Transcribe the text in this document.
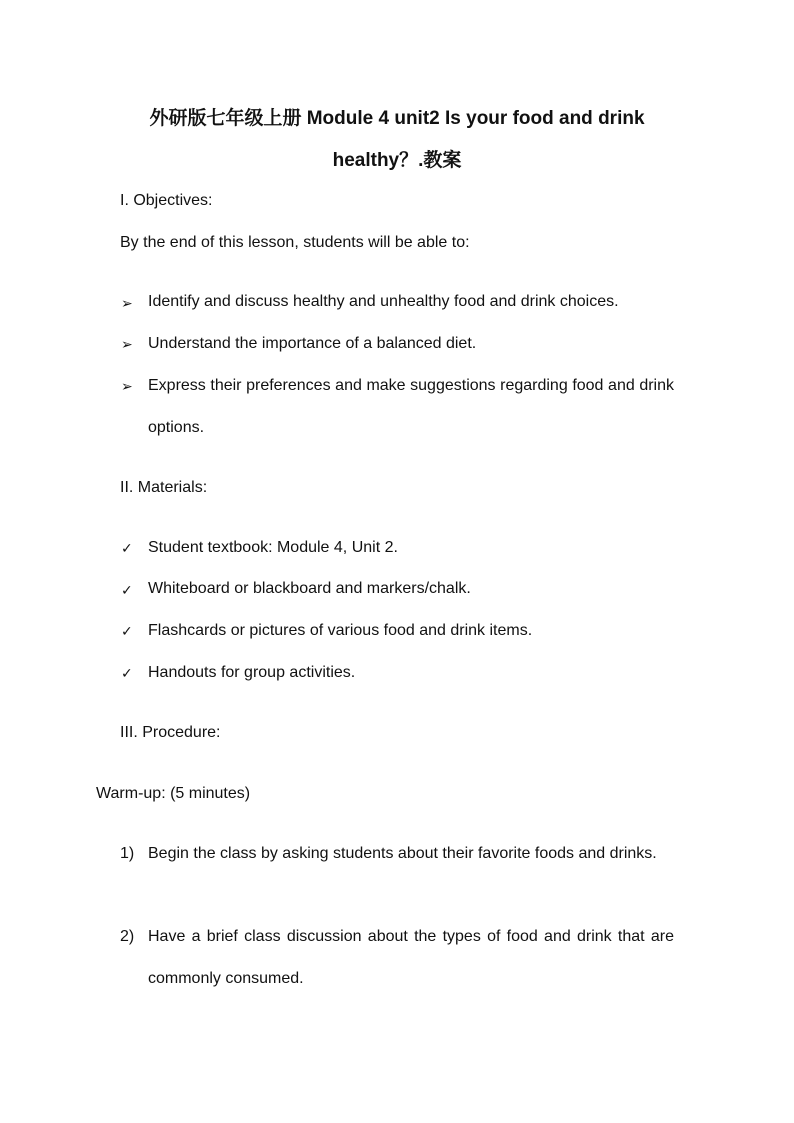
外研版七年级上册 Module 4 unit2 Is your food and drink
healthy？.教案
I. Objectives:
By the end of this lesson, students will be able to:
➢ Identify and discuss healthy and unhealthy food and drink choices.
➢ Understand the importance of a balanced diet.
➢ Express their preferences and make suggestions regarding food and drink options.
II. Materials:
✓ Student textbook: Module 4, Unit 2.
✓ Whiteboard or blackboard and markers/chalk.
✓ Flashcards or pictures of various food and drink items.
✓ Handouts for group activities.
III. Procedure:
Warm-up: (5 minutes)
1) Begin the class by asking students about their favorite foods and drinks.
2) Have a brief class discussion about the types of food and drink that are commonly consumed.
